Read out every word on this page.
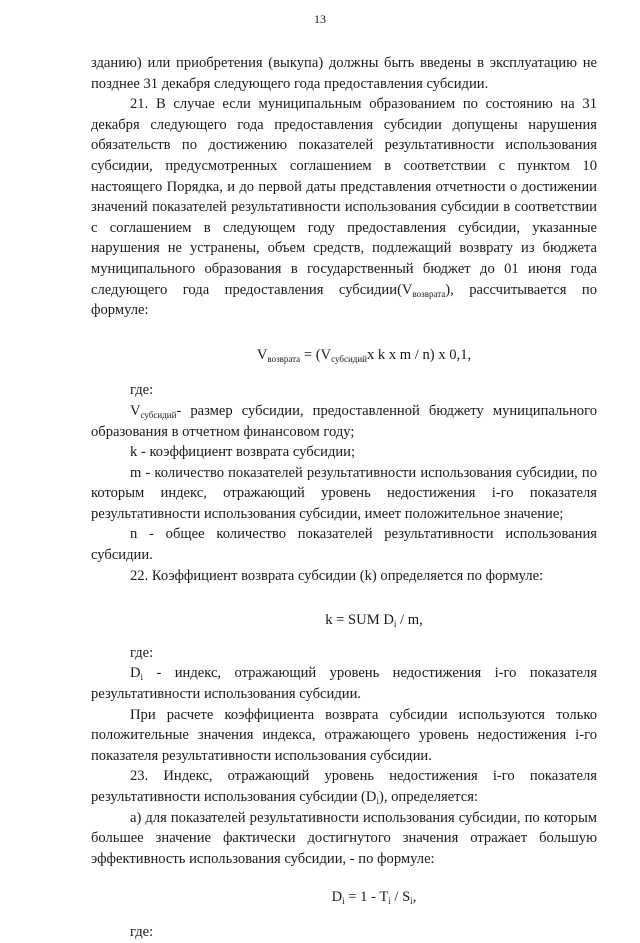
13

зданию) или приобретения (выкупа) должны быть введены в эксплуатацию не позднее 31 декабря следующего года предоставления субсидии.

21. В случае если муниципальным образованием по состоянию на 31 декабря следующего года предоставления субсидии допущены нарушения обязательств по достижению показателей результативности использования субсидии, предусмотренных соглашением в соответствии с пунктом 10 настоящего Порядка, и до первой даты представления отчетности о достижении значений показателей результативности использования субсидии в соответствии с соглашением в следующем году предоставления субсидии, указанные нарушения не устранены, объем средств, подлежащий возврату из бюджета муниципального образования в государственный бюджет до 01 июня года следующего года предоставления $субсидии(V_{возврата})$, рассчитывается по формуле:

$V_{возврата} = (V_{субсидий}x$ k x m / n) x 0,1,

где:

$V_{субсидий}-$ размер субсидии, предоставленной бюджету муниципального образования в отчетном финансовом году;

k - коэффициент возврата субсидии;

m - количество показателей результативности использования субсидии, по которым индекс, отражающий уровень недостижения i-го показателя результативности использования субсидии, имеет положительное значение;

n - общее количество показателей результативности использования субсидии.

22. Коэффициент возврата субсидии (k) определяется по формуле:

k = SUM $D_i$ / m,

где:

$D_i$ - индекс, отражающий уровень недостижения i-го показателя результативности использования субсидии.

При расчете коэффициента возврата субсидии используются только положительные значения индекса, отражающего уровень недостижения i-го показателя результативности использования субсидии.

23. Индекс, отражающий уровень недостижения i-го показателя результативности использования субсидии $(D_i)$, определяется:

а) для показателей результативности использования субсидии, по которым большее значение фактически достигнутого значения отражает большую эффективность использования субсидии, - по формуле:

$D_i = 1 - T_i / S_i$,

где:
